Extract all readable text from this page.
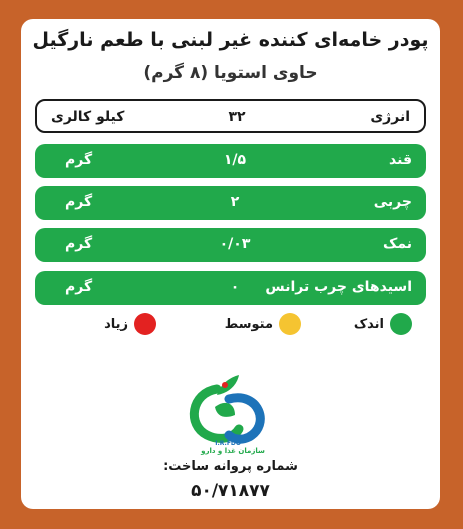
پودر خامه‌ای کننده غیر لبنی با طعم نارگیل
حاوی استویا (۸ گرم)
انرژی
۳۲
کیلو کالری
قند
۱/۵
گرم
چربی
۲
گرم
نمک
۰/۰۳
گرم
اسیدهای چرب ترانس
۰
گرم
اندک
متوسط
زیاد
I.R.FDO
سازمان غذا و دارو
شماره پروانه ساخت:
۵۰/۷۱۸۷۷
